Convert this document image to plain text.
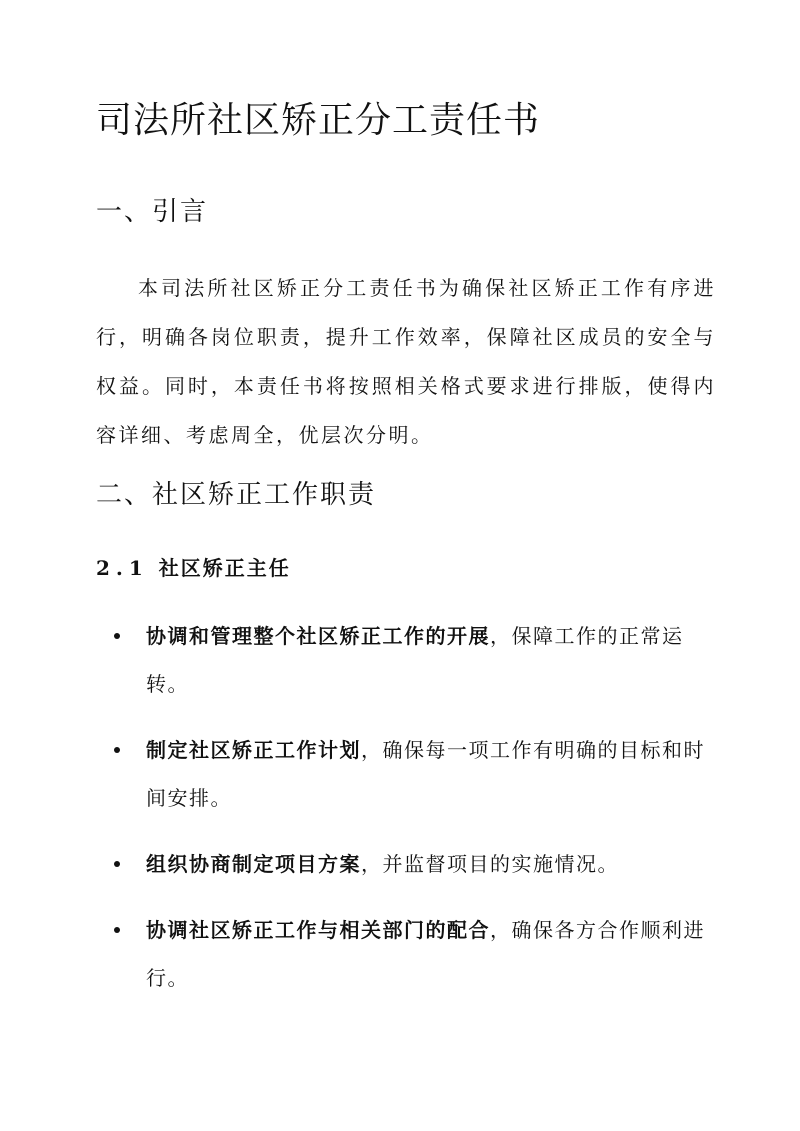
司法所社区矫正分工责任书
一、引言

本司法所社区矫正分工责任书为确保社区矫正工作有序进行，明确各岗位职责，提升工作效率，保障社区成员的安全与权益。同时，本责任书将按照相关格式要求进行排版，使得内容详细、考虑周全，优层次分明。

二、社区矫正工作职责
2.1 社区矫正主任
协调和管理整个社区矫正工作的开展，保障工作的正常运转。
制定社区矫正工作计划，确保每一项工作有明确的目标和时间安排。
组织协商制定项目方案，并监督项目的实施情况。
协调社区矫正工作与相关部门的配合，确保各方合作顺利进行。
